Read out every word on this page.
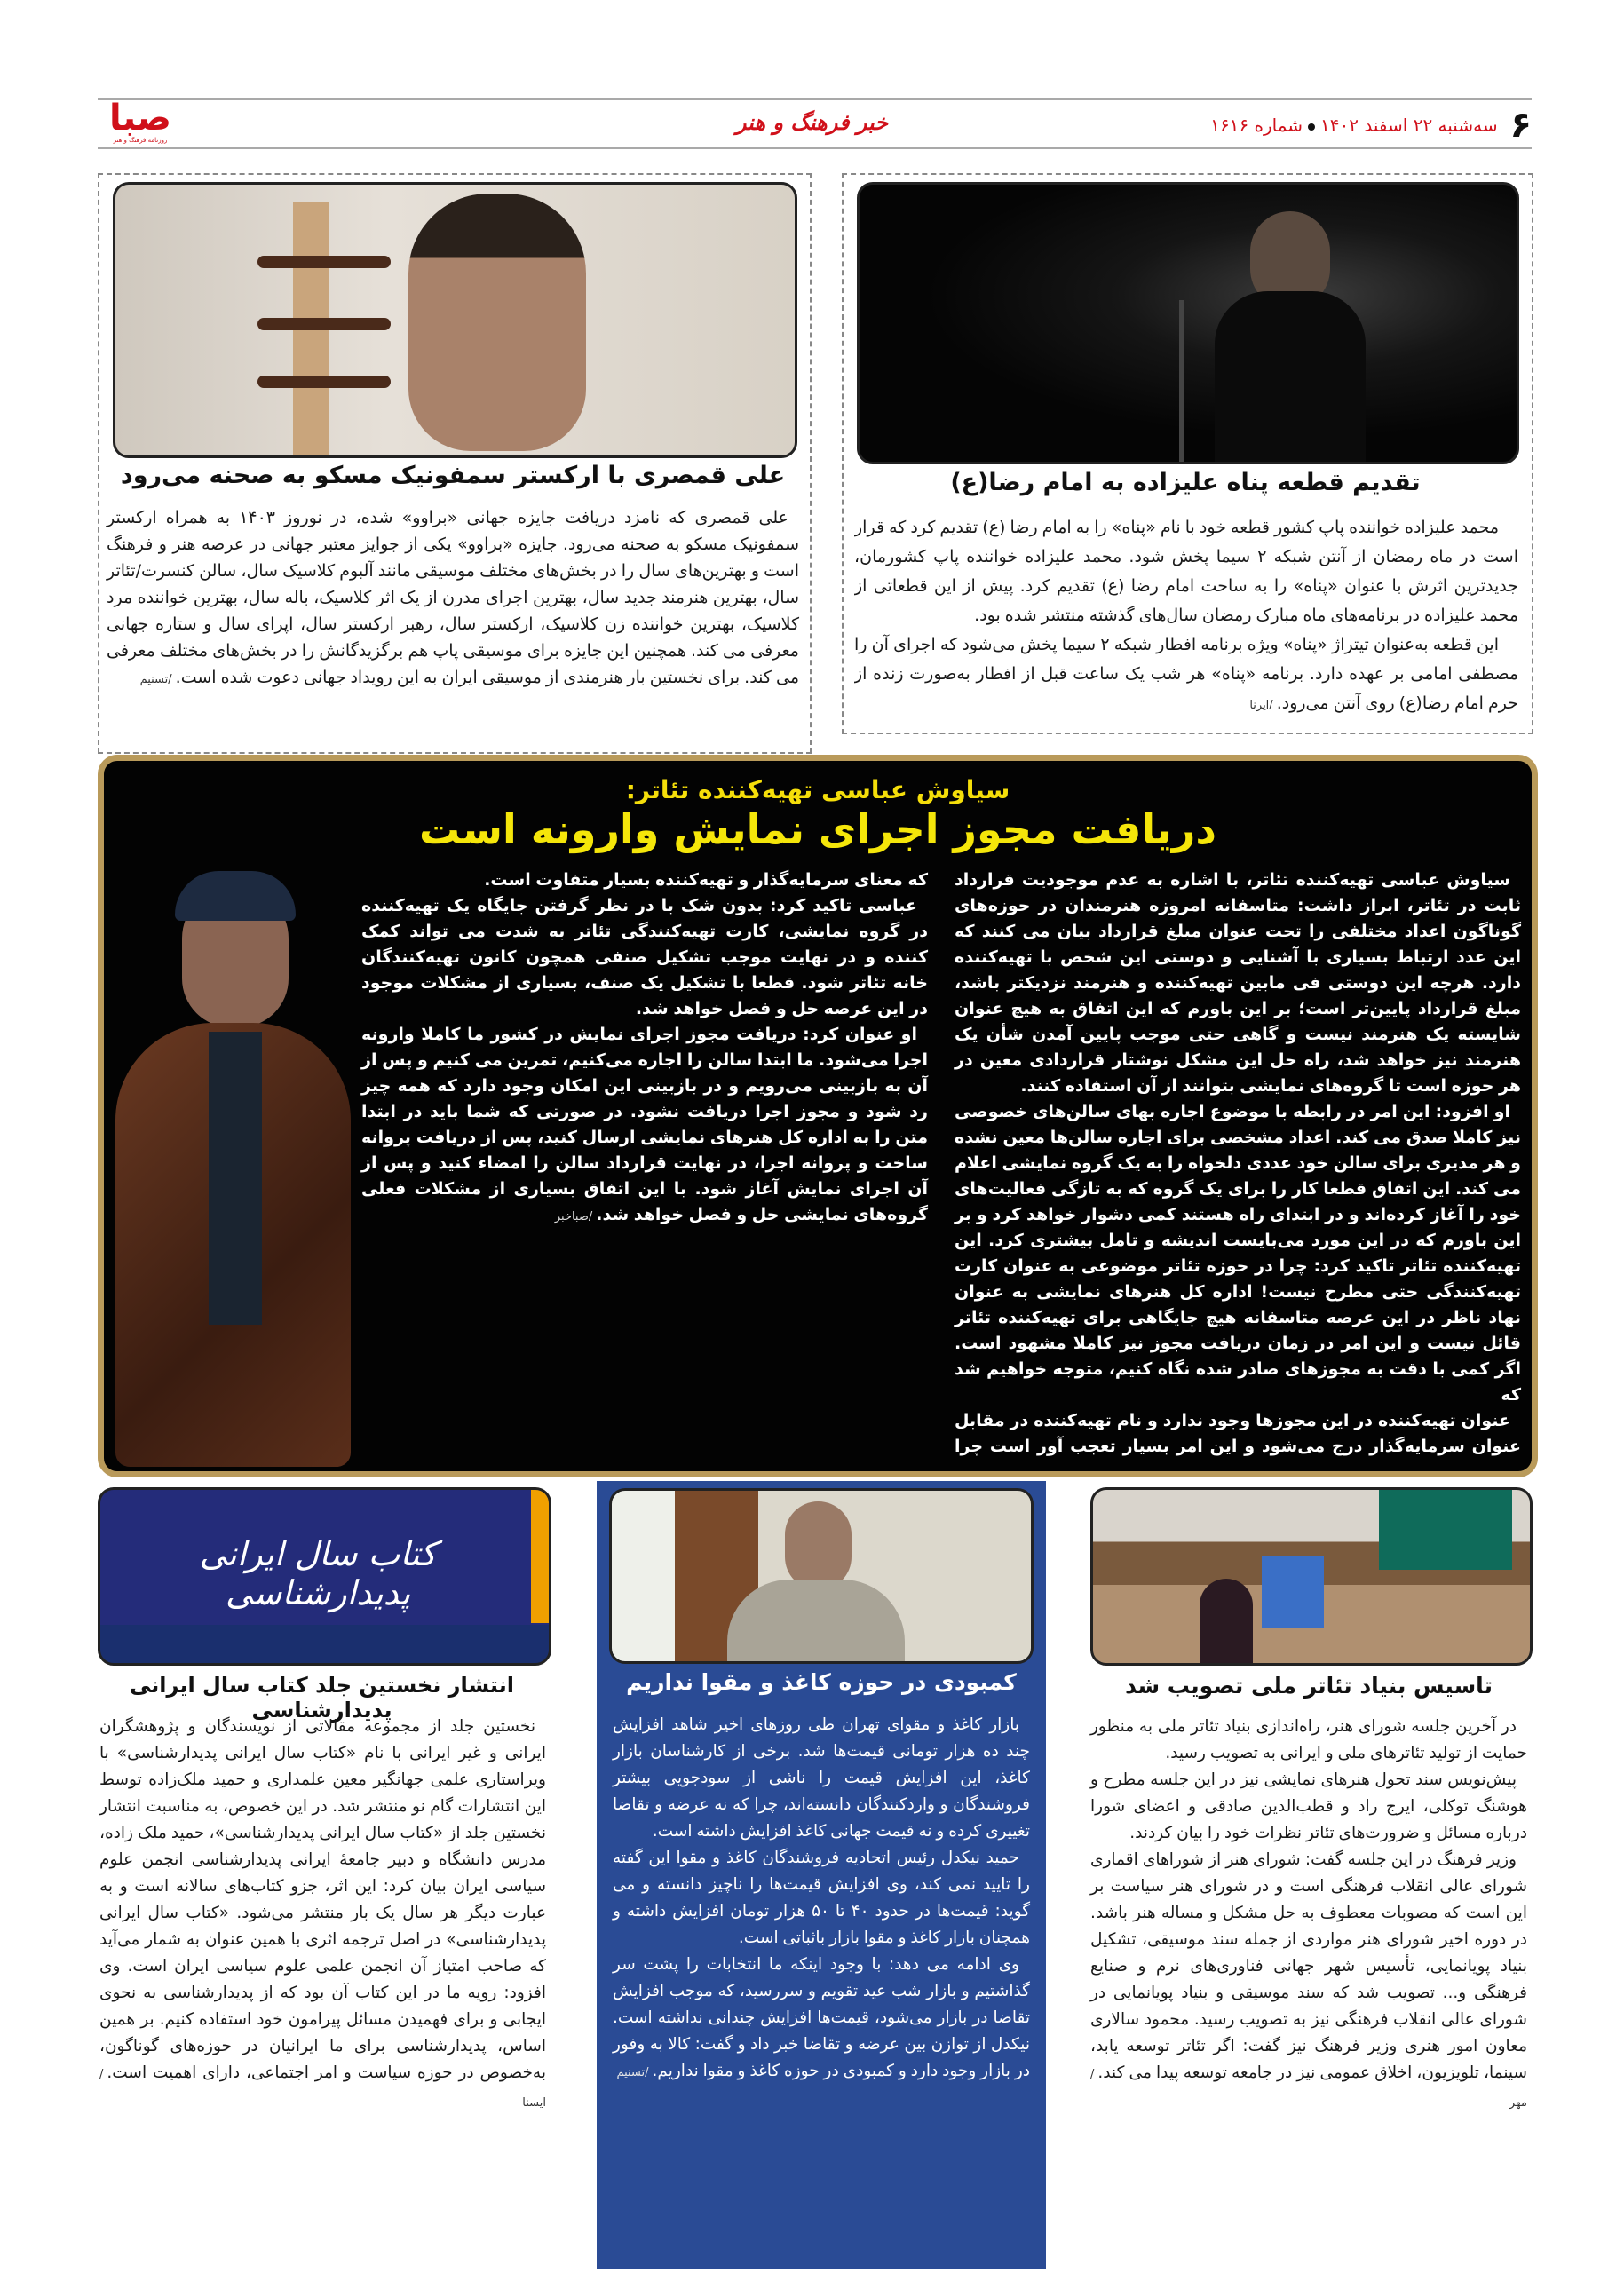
۶
سه‌شنبه ۲۲ اسفند ۱۴۰۲شماره ۱۶۱۶
خبر فرهنگ و هنر
صبا
روزنامه فرهنگ و هنر
تقدیم قطعه پناه علیزاده به امام رضا(ع)

محمد علیزاده خواننده پاپ کشور قطعه خود با نام «پناه» را به امام رضا (ع) تقدیم کرد که قرار است در ماه رمضان از آنتن شبکه ۲ سیما پخش شود. محمد علیزاده خواننده پاپ کشورمان، جدیدترین اثرش با عنوان «پناه» را به ساحت امام رضا (ع) تقدیم کرد. پیش از این قطعاتی از محمد علیزاده در برنامه‌های ماه مبارک رمضان سال‌های گذشته منتشر شده بود.

این قطعه به‌عنوان تیتراژ «پناه» ویژه برنامه افطار شبکه ۲ سیما پخش می‌شود که اجرای آن را مصطفی امامی بر عهده دارد. برنامه «پناه» هر شب یک ساعت قبل از افطار به‌صورت زنده از حرم امام رضا(ع) روی آنتن می‌رود./ایرنا

علی قمصری با ارکستر سمفونیک مسکو به صحنه می‌رود

علی قمصری که نامزد دریافت جایزه جهانی «براوو» شده، در نوروز ۱۴۰۳ به همراه ارکستر سمفونیک مسکو به صحنه می‌رود. جایزه «براوو» یکی از جوایز معتبر جهانی در عرصه هنر و فرهنگ است و بهترین‌های سال را در بخش‌های مختلف موسیقی مانند آلبوم کلاسیک سال، سالن کنسرت/تئاتر سال، بهترین هنرمند جدید سال، بهترین اجرای مدرن از یک اثر کلاسیک، باله سال، بهترین خواننده مرد کلاسیک، بهترین خواننده زن کلاسیک، ارکستر سال، رهبر ارکستر سال، اپرای سال و ستاره جهانی معرفی می کند. همچنین این جایزه برای موسیقی پاپ هم برگزیدگانش را در بخش‌های مختلف معرفی می کند. برای نخستین بار هنرمندی از موسیقی ایران به این رویداد جهانی دعوت شده است./تسنیم

سیاوش عباسی تهیه‌کننده تئاتر:
دریافت مجوز اجرای نمایش وارونه است

سیاوش عباسی تهیه‌کننده تئاتر، با اشاره به عدم موجودیت قرارداد ثابت در تئاتر، ابراز داشت: متاسفانه امروزه هنرمندان در حوزه‌های گوناگون اعداد مختلفی را تحت عنوان مبلغ قرارداد بیان می کنند که این عدد ارتباط بسیاری با آشنایی و دوستی این شخص با تهیه‌کننده دارد. هرچه این دوستی فی مابین تهیه‌کننده و هنرمند نزدیکتر باشد، مبلغ قرارداد پایین‌تر است؛ بر این باورم که این اتفاق به هیچ عنوان شایسته یک هنرمند نیست و گاهی حتی موجب پایین آمدن شأن یک هنرمند نیز خواهد شد، راه حل این مشکل نوشتار قراردادی معین در هر حوزه است تا گروه‌های نمایشی بتوانند از آن استفاده کنند.

او افزود: این امر در رابطه با موضوع اجاره بهای سالن‌های خصوصی نیز کاملا صدق می کند. اعداد مشخصی برای اجاره سالن‌ها معین نشده و هر مدیری برای سالن خود عددی دلخواه را به یک گروه نمایشی اعلام می کند. این اتفاق قطعا کار را برای یک گروه که به تازگی فعالیت‌های خود را آغاز کرده‌اند و در ابتدای راه هستند کمی دشوار خواهد کرد و بر این باورم که در این مورد می‌بایست اندیشه و تامل بیشتری کرد. این تهیه‌کننده تئاتر تاکید کرد: چرا در حوزه تئاتر موضوعی به عنوان کارت تهیه‌کنندگی حتی مطرح نیست! اداره کل هنرهای نمایشی به عنوان نهاد ناظر در این عرصه متاسفانه هیچ جایگاهی برای تهیه‌کننده تئاتر قائل نیست و این امر در زمان دریافت مجوز نیز کاملا مشهود است. اگر کمی با دقت به مجوزهای صادر شده نگاه کنیم، متوجه خواهیم شد که

عنوان تهیه‌کننده در این مجوزها وجود ندارد و نام تهیه‌کننده در مقابل عنوان سرمایه‌گذار درج می‌شود و این امر بسیار تعجب آور است چرا که معنای سرمایه‌گذار و تهیه‌کننده بسیار متفاوت است.

عباسی تاکید کرد: بدون شک با در نظر گرفتن جایگاه یک تهیه‌کننده در گروه نمایشی، کارت تهیه‌کنندگی تئاتر به شدت می تواند کمک کننده و در نهایت موجب تشکیل صنفی همچون کانون تهیه‌کنندگان خانه تئاتر شود. قطعا با تشکیل یک صنف، بسیاری از مشکلات موجود در این عرصه حل و فصل خواهد شد.

او عنوان کرد: دریافت مجوز اجرای نمایش در کشور ما کاملا وارونه اجرا می‌شود. ما ابتدا سالن را اجاره می‌کنیم، تمرین می کنیم و پس از آن به بازبینی می‌رویم و در بازبینی این امکان وجود دارد که همه چیز رد شود و مجوز اجرا دریافت نشود. در صورتی که شما باید در ابتدا متن را به اداره کل هنرهای نمایشی ارسال کنید، پس از دریافت پروانه ساخت و پروانه اجرا، در نهایت قرارداد سالن را امضاء کنید و پس از آن اجرای نمایش آغاز شود. با این اتفاق بسیاری از مشکلات فعلی گروه‌های نمایشی حل و فصل خواهد شد./صباخبر

تاسیس بنیاد تئاتر ملی تصویب شد

در آخرین جلسه شورای هنر، راه‌اندازی بنیاد تئاتر ملی به منظور حمایت از تولید تئاترهای ملی و ایرانی به تصویب رسید.

پیش‌نویس سند تحول هنرهای نمایشی نیز در این جلسه مطرح و هوشنگ توکلی، ایرج راد و قطب‌الدین صادقی و اعضای شورا درباره مسائل و ضرورت‌های تئاتر نظرات خود را بیان کردند.

وزیر فرهنگ در این جلسه گفت: شورای هنر از شوراهای اقماری شورای عالی انقلاب فرهنگی است و در شورای هنر سیاست بر این است که مصوبات معطوف به حل مشکل و مساله هنر باشد. در دوره اخیر شورای هنر مواردی از جمله سند موسیقی، تشکیل بنیاد پویانمایی، تأسیس شهر جهانی فناوری‌های نرم و صنایع فرهنگی و... تصویب شد که سند موسیقی و بنیاد پویانمایی در شورای عالی انقلاب فرهنگی نیز به تصویب رسید. محمود سالاری معاون امور هنری وزیر فرهنگ نیز گفت: اگر تئاتر توسعه یابد، سینما، تلویزیون، اخلاق عمومی نیز در جامعه توسعه پیدا می کند./مهر

کمبودی در حوزه کاغذ و مقوا نداریم

بازار کاغذ و مقوای تهران طی روزهای اخیر شاهد افزایش چند ده هزار تومانی قیمت‌ها شد. برخی از کارشناسان بازار کاغذ، این افزایش قیمت را ناشی از سودجویی بیشتر فروشندگان و واردکنندگان دانسته‌اند، چرا که نه عرضه و تقاضا تغییری کرده و نه قیمت جهانی کاغذ افزایش داشته است.

حمید نیکدل رئیس اتحادیه فروشندگان کاغذ و مقوا این گفته را تایید نمی کند، وی افزایش قیمت‌ها را ناچیز دانسته و می گوید: قیمت‌ها در حدود ۴۰ تا ۵۰ هزار تومان افزایش داشته و همچنان بازار کاغذ و مقوا بازار باثباتی است.

وی ادامه می دهد: با وجود اینکه ما انتخابات را پشت سر گذاشتیم و بازار شب عید تقویم و سررسید، که موجب افزایش تقاضا در بازار می‌شود، قیمت‌ها افزایش چندانی نداشته است. نیکدل از توازن بین عرضه و تقاضا خبر داد و گفت: کالا به وفور در بازار وجود دارد و کمبودی در حوزه کاغذ و مقوا نداریم./تسنیم

کتاب سال ایرانی پدیدارشناسی
انتشار نخستین جلد کتاب سال ایرانی پدیدارشناسی

نخستین جلد از مجموعه مقالاتی از نویسندگان و پژوهشگران ایرانی و غیر ایرانی با نام «کتاب سال ایرانی پدیدارشناسی» با ویراستاری علمی جهانگیر معین علمداری و حمید ملک‌زاده توسط این انتشارات گام نو منتشر شد. در این خصوص، به مناسبت انتشار نخستین جلد از «کتاب سال ایرانی پدیدارشناسی»، حمید ملک زاده، مدرس دانشگاه و دبیر جامعهٔ ایرانی پدیدارشناسی انجمن علوم سیاسی ایران بیان کرد: این اثر، جزو کتاب‌های سالانه است و به عبارت دیگر هر سال یک بار منتشر می‌شود. «کتاب سال ایرانی پدیدارشناسی» در اصل ترجمه اثری با همین عنوان به شمار می‌آید که صاحب امتیاز آن انجمن علمی علوم سیاسی ایران است. وی افزود: رویه ما در این کتاب آن بود که از پدیدارشناسی به نحوی ایجابی و برای فهمیدن مسائل پیرامون خود استفاده کنیم. بر همین اساس، پدیدارشناسی برای ما ایرانیان در حوزه‌های گوناگون، به‌خصوص در حوزه سیاست و امر اجتماعی، دارای اهمیت است./ایسنا
